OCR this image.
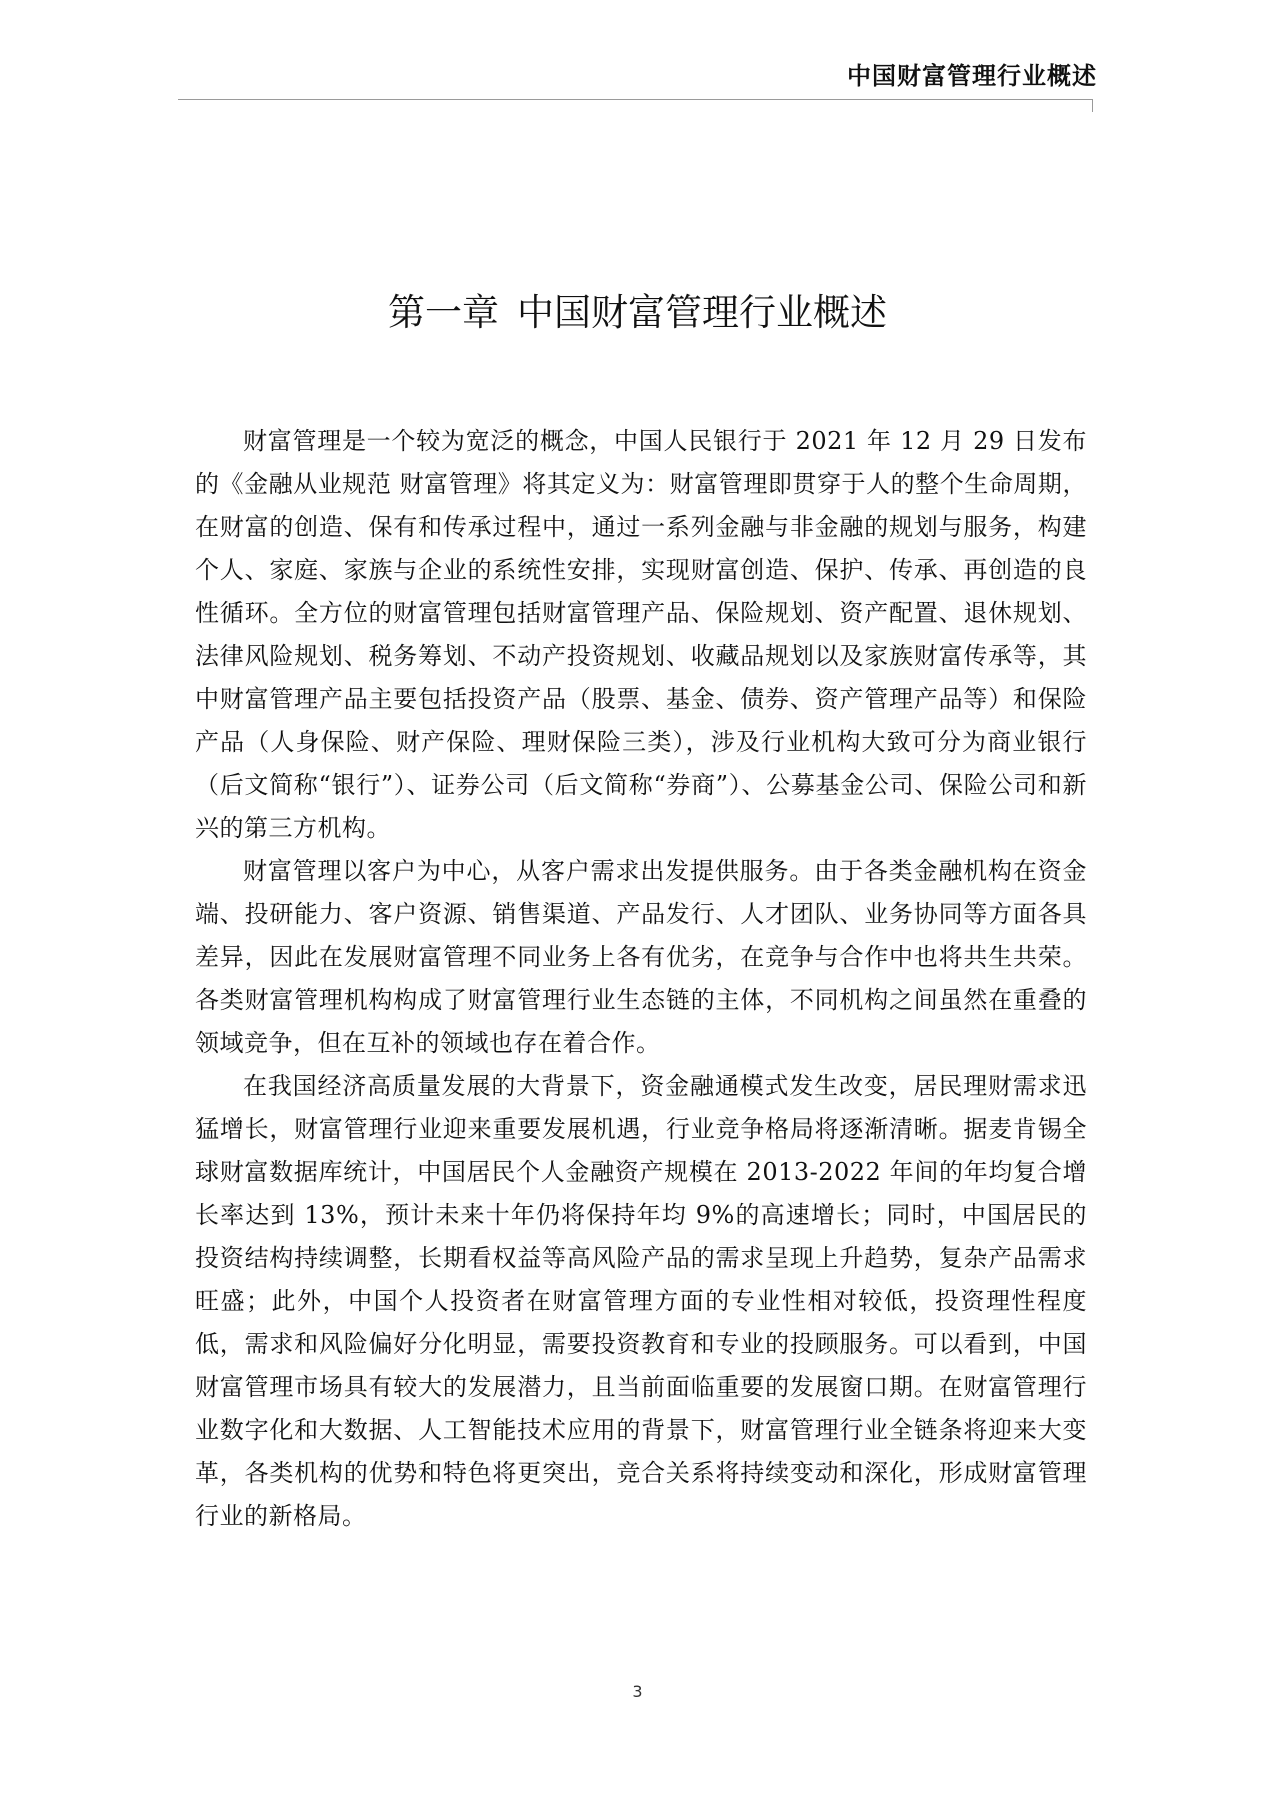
中国财富管理行业概述
第一章 中国财富管理行业概述

财富管理是一个较为宽泛的概念，中国人民银行于 2021 年 12 月 29 日发布的《金融从业规范 财富管理》将其定义为：财富管理即贯穿于人的整个生命周期，在财富的创造、保有和传承过程中，通过一系列金融与非金融的规划与服务，构建个人、家庭、家族与企业的系统性安排，实现财富创造、保护、传承、再创造的良性循环。全方位的财富管理包括财富管理产品、保险规划、资产配置、退休规划、法律风险规划、税务筹划、不动产投资规划、收藏品规划以及家族财富传承等，其中财富管理产品主要包括投资产品（股票、基金、债券、资产管理产品等）和保险产品（人身保险、财产保险、理财保险三类），涉及行业机构大致可分为商业银行（后文简称“银行”）、证券公司（后文简称“券商”）、公募基金公司、保险公司和新兴的第三方机构。

财富管理以客户为中心，从客户需求出发提供服务。由于各类金融机构在资金端、投研能力、客户资源、销售渠道、产品发行、人才团队、业务协同等方面各具差异，因此在发展财富管理不同业务上各有优劣，在竞争与合作中也将共生共荣。各类财富管理机构构成了财富管理行业生态链的主体，不同机构之间虽然在重叠的领域竞争，但在互补的领域也存在着合作。

在我国经济高质量发展的大背景下，资金融通模式发生改变，居民理财需求迅猛增长，财富管理行业迎来重要发展机遇，行业竞争格局将逐渐清晰。据麦肯锡全球财富数据库统计，中国居民个人金融资产规模在 2013-2022 年间的年均复合增长率达到 13%，预计未来十年仍将保持年均 9%的高速增长；同时，中国居民的投资结构持续调整，长期看权益等高风险产品的需求呈现上升趋势，复杂产品需求旺盛；此外，中国个人投资者在财富管理方面的专业性相对较低，投资理性程度低，需求和风险偏好分化明显，需要投资教育和专业的投顾服务。可以看到，中国财富管理市场具有较大的发展潜力，且当前面临重要的发展窗口期。在财富管理行业数字化和大数据、人工智能技术应用的背景下，财富管理行业全链条将迎来大变革，各类机构的优势和特色将更突出，竞合关系将持续变动和深化，形成财富管理行业的新格局。

3
